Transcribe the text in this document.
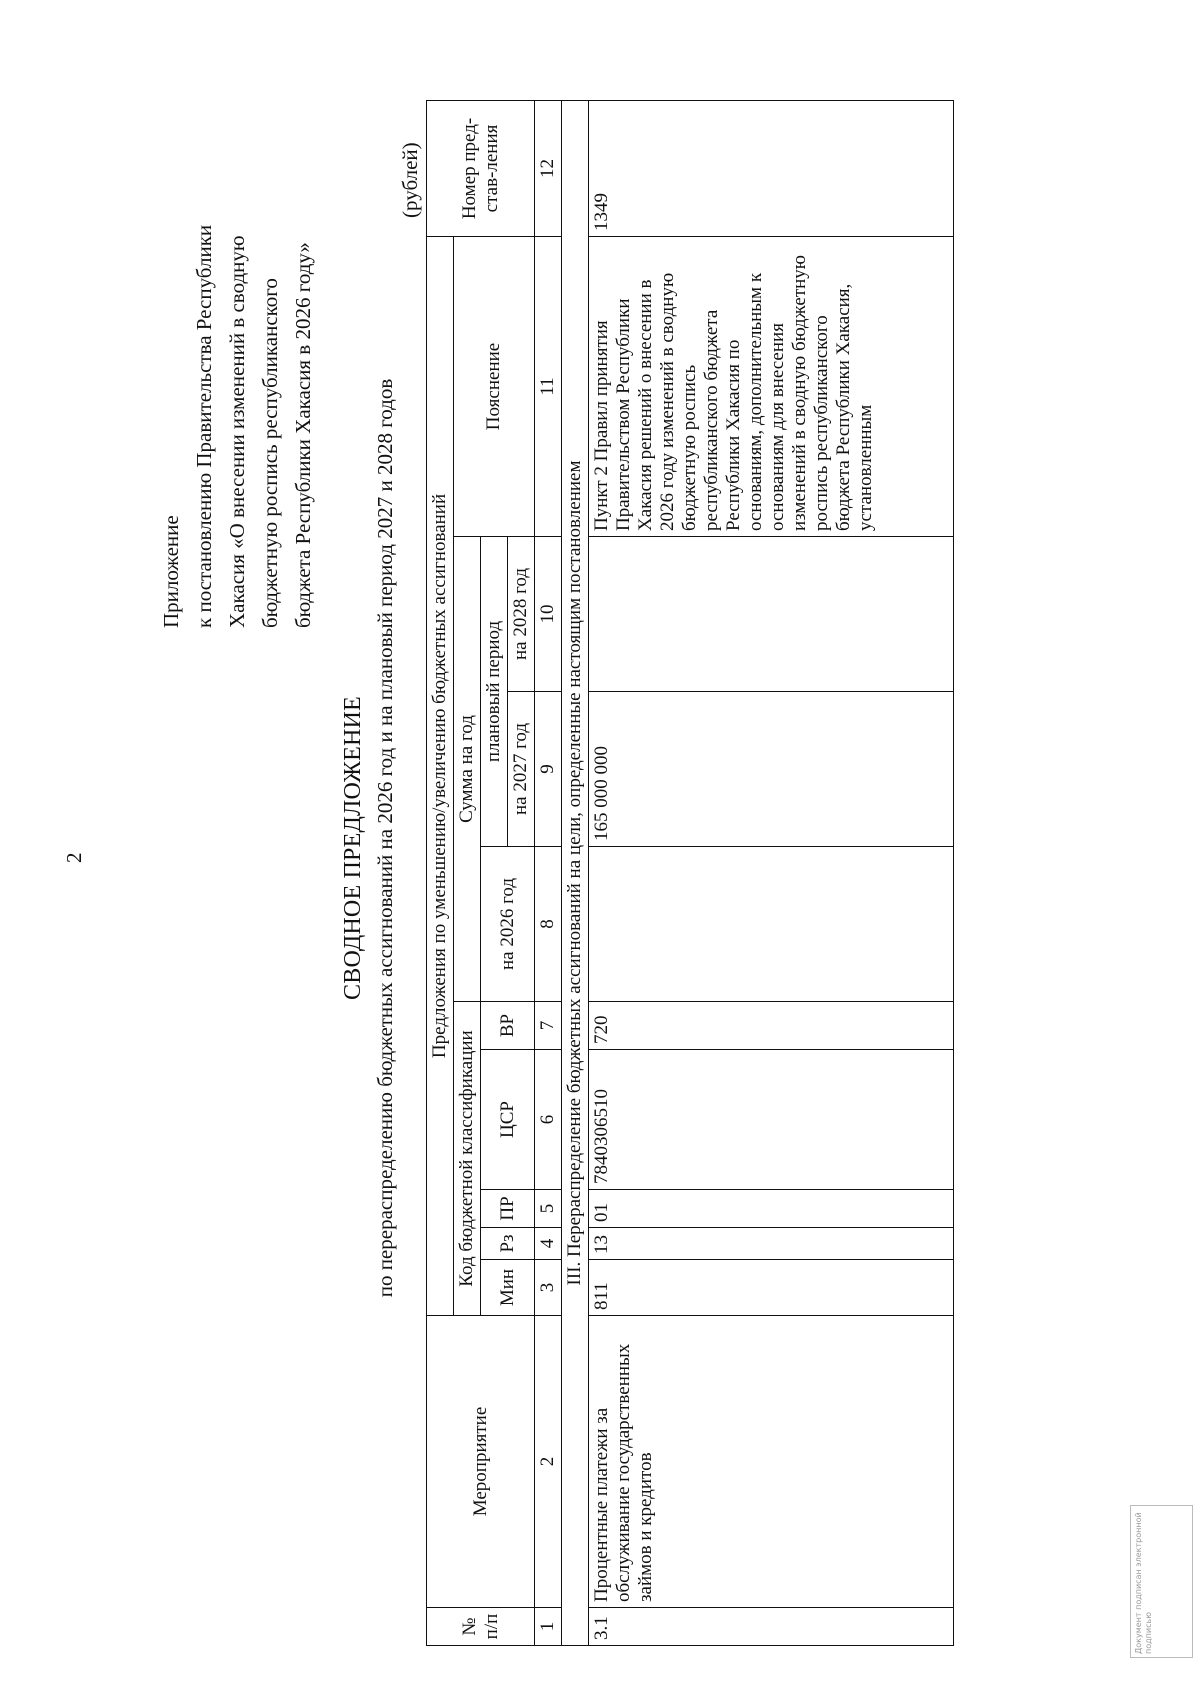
2
Приложение к постановлению Правительства Республики Хакасия «О внесении изменений в сводную бюджетную роспись республиканского бюджета Республики Хакасия в 2026 году»
СВОДНОЕ ПРЕДЛОЖЕНИЕ по перераспределению бюджетных ассигнований на 2026 год и на плановый период 2027 и 2028 годов
(рублей)
№ п/п	Мероприятие	Предложения по уменьшению/увеличению бюджетных ассигнований									Номер пред-став-ления
		Код бюджетной классификации					Сумма на год			Пояснение	
		Мин	Рз	ПР	ЦСР	ВР	на 2026 год	плановый период			
								на 2027 год	на 2028 год		
1	2	3	4	5	6	7	8	9	10	11	12
III. Перераспределение бюджетных ассигнований на цели, определенные настоящим постановлением											
3.1	Процентные платежи за обслуживание государственных займов и кредитов	811	13	01	7840306510	720		165 000 000		Пункт 2 Правил принятия Правительством Республики Хакасия решений о внесении в 2026 году изменений в сводную бюджетную роспись республиканского бюджета Республики Хакасия по основаниям, дополнительным к основаниям для внесения изменений в сводную бюджетную роспись республиканского бюджета Республики Хакасия, установленным	1349
Документ подписан электронной подписью
